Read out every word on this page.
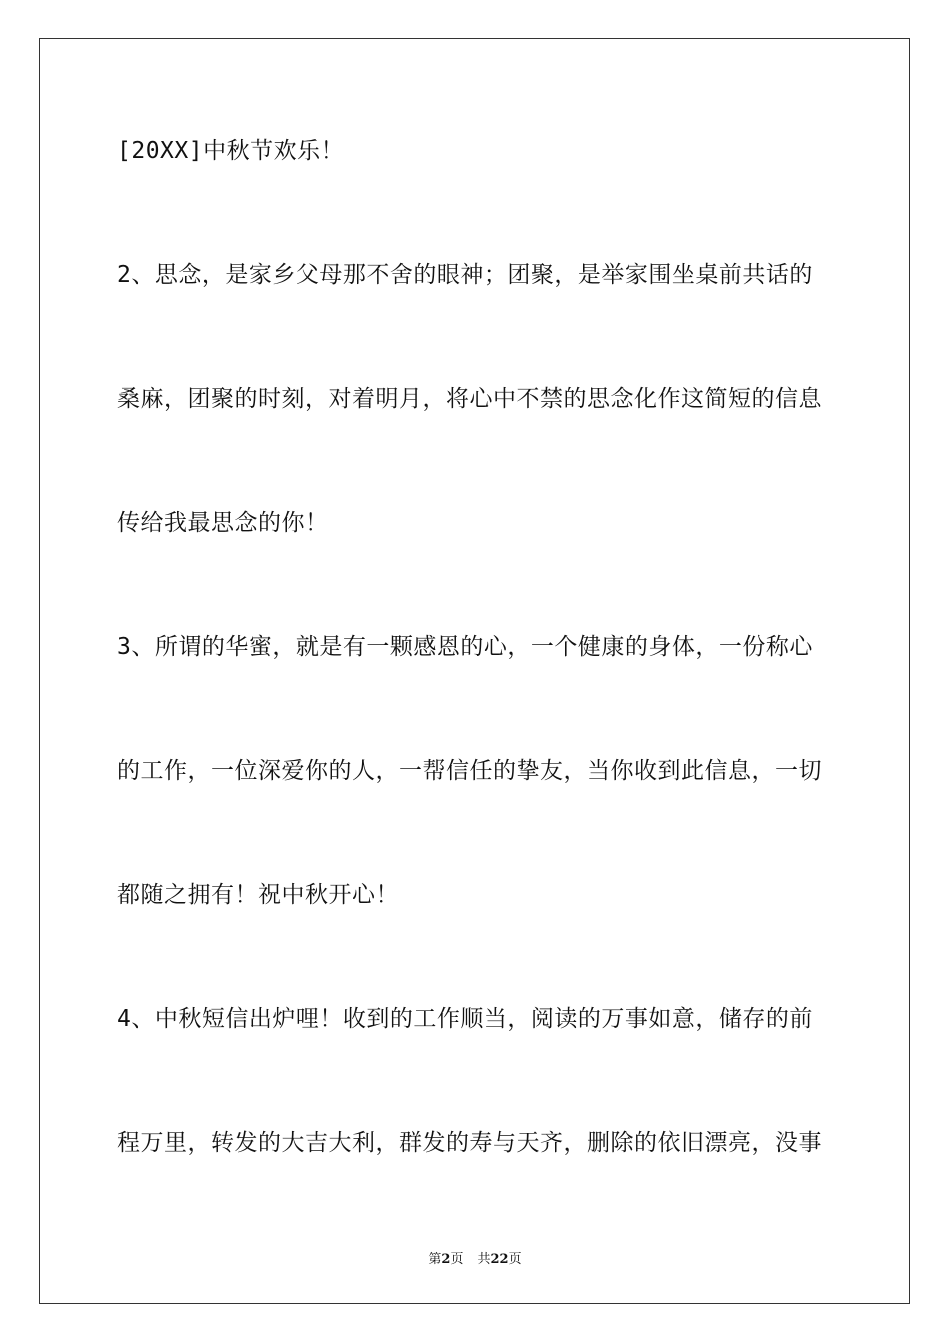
[20XX]中秋节欢乐！
2、思念，是家乡父母那不舍的眼神；团聚，是举家围坐桌前共话的
桑麻，团聚的时刻，对着明月，将心中不禁的思念化作这简短的信息
传给我最思念的你！
3、所谓的华蜜，就是有一颗感恩的心，一个健康的身体，一份称心
的工作，一位深爱你的人，一帮信任的挚友，当你收到此信息，一切
都随之拥有！祝中秋开心！
4、中秋短信出炉哩！收到的工作顺当，阅读的万事如意，储存的前
程万里，转发的大吉大利，群发的寿与天齐，删除的依旧漂亮，没事
第2页 共22页
